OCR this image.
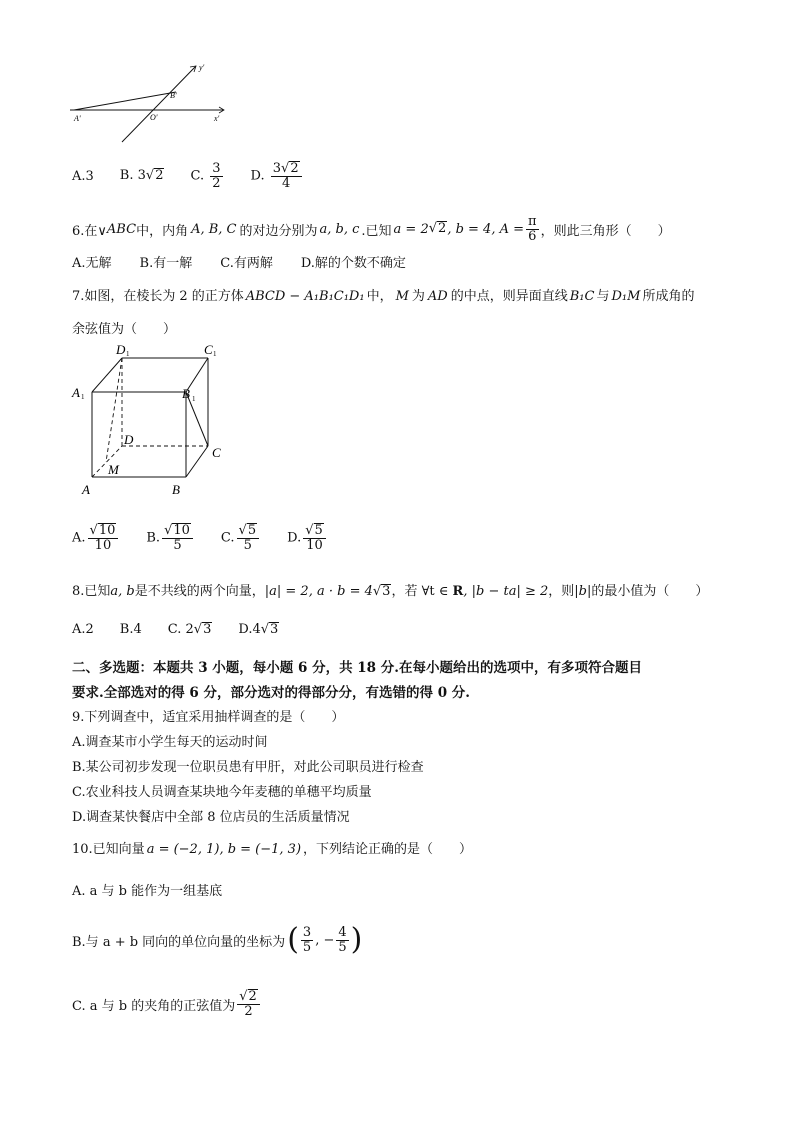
y'
B'
A'	O'	x'
A.3 B. 3√2 C. $\frac{3}{2} D$. $\frac{3√2}{4}$
6.在∨ ABC 中，内角 A, B, C 的对边分别为 a, b, c .已知 a = 2 √2 , b = 4, $A = \frac{\pi}{6}$ ，则此三角形（　　）
A.无解 B.有一解 C.有两解 D.解的个数不确定
7.如图，在棱长为 2 的正方体 ABCD − A₁B₁C₁D₁ 中， M 为 AD 的中点，则异面直线 B₁C 与 D₁M 所成角的
余弦值为（　　）
D 1	C 1
A 1	B 1
D
C
M
A	B
A. $\frac{√10}{10} B$. $\frac{√10}{5} C$. $\frac{√5}{5} D$. $\frac{√5}{10}$
8.已知a, b是不共线的两个向量，|a| = 2, a · b = 4√3，若 ∀t ∈ R, |b − ta| ≥ 2，则|b|的最小值为（　　）
A.2 B.4 C. 2√3 D.4√3
二、多选题：本题共 3 小题，每小题 6 分，共 18 分.在每小题给出的选项中，有多项符合题目
要求.全部选对的得 6 分，部分选对的得部分分，有选错的得 0 分.
9.下列调查中，适宜采用抽样调查的是（　　）
A.调查某市小学生每天的运动时间
B.某公司初步发现一位职员患有甲肝，对此公司职员进行检查
C.农业科技人员调查某块地今年麦穗的单穗平均质量
D.调查某快餐店中全部 8 位店员的生活质量情况
10.已知向量 a = (−2, 1), b = (−1, 3) ，下列结论正确的是（　　）
A. a 与 b 能作为一组基底
B.与 a + b 同向的单位向量的坐标为 ( $\frac{3}{5}$ , − $\frac{4}{5}$ )
C. a 与 b 的夹角的正弦值为 $\frac{√2}{2}$
